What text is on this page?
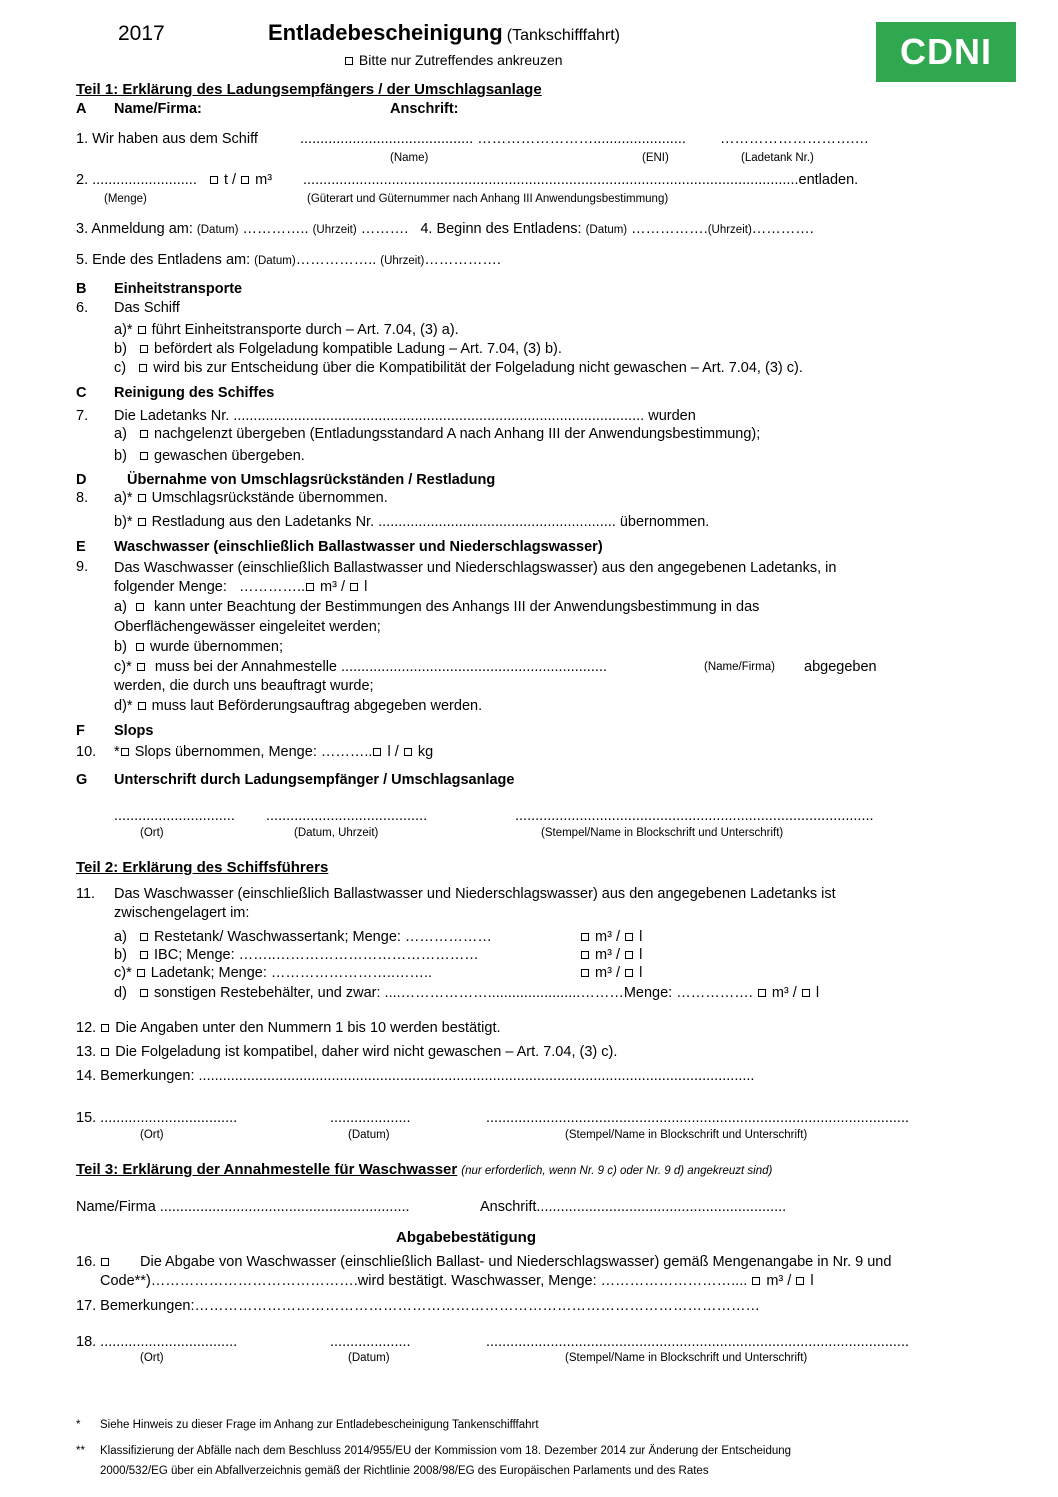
2017	Entladebescheinigung (Tankschifffahrt)
Bitte nur Zutreffendes ankreuzen	CDNI
Teil 1: Erklärung des Ladungsempfängers / der Umschlagsanlage
A Name/Firma:	Anschrift:
1. Wir haben aus dem Schiff	........................................... ……………………....................... ……………………….…
(Name)	(ENI)	(Ladetank Nr.)
2. .......................... t / m³ ...........................................................................................................................entladen.
(Menge)	(Güterart und Güternummer nach Anhang III Anwendungsbestimmung)
3. Anmeldung am: (Datum) ………….. (Uhrzeit) ………. 4. Beginn des Entladens: (Datum) …………….(Uhrzeit)………….
5. Ende des Entladens am: (Datum)…………….. (Uhrzeit)…………….
B Einheitstransporte
6. Das Schiff
a)* führt Einheitstransporte durch – Art. 7.04, (3) a).
b) befördert als Folgeladung kompatible Ladung – Art. 7.04, (3) b).
c) wird bis zur Entscheidung über die Kompatibilität der Folgeladung nicht gewaschen – Art. 7.04, (3) c).
C Reinigung des Schiffes
7. Die Ladetanks Nr. ...................................................................................................... wurden
a) nachgelenzt übergeben (Entladungsstandard A nach Anhang III der Anwendungsbestimmung);
b) gewaschen übergeben.
D	Übernahme von Umschlagsrückständen / Restladung
8. a)* Umschlagsrückstände übernommen.
b)* Restladung aus den Ladetanks Nr. ........................................................... übernommen.
E Waschwasser (einschließlich Ballastwasser und Niederschlagswasser)
9. Das Waschwasser (einschließlich Ballastwasser und Niederschlagswasser) aus den angegebenen Ladetanks, in
folgender Menge: ………….. m³ / l
a) kann unter Beachtung der Bestimmungen des Anhangs III der Anwendungsbestimmung in das
Oberflächengewässer eingeleitet werden;
b) wurde übernommen;
c)* muss bei der Annahmestelle ..................................................................	(Name/Firma) abgegeben
werden, die durch uns beauftragt wurde;
d)* muss laut Beförderungsauftrag abgegeben werden.
F Slops
10. * Slops übernommen, Menge: ……….. l / kg
G Unterschrift durch Ladungsempfänger / Umschlagsanlage
.............................. ........................................	.........................................................................................
(Ort)	(Datum, Uhrzeit)	(Stempel/Name in Blockschrift und Unterschrift)
Teil 2: Erklärung des Schiffsführers
11. Das Waschwasser (einschließlich Ballastwasser und Niederschlagswasser) aus den angegebenen Ladetanks ist
zwischengelagert im:
a) Restetank/ Waschwassertank; Menge: ………………	m³ / l
b) IBC; Menge: ……..……………………………………	m³ / l
c)* Ladetank; Menge: ……………………..……..	m³ / l
d) sonstigen Restebehälter, und zwar: ....……………….......................………Menge: ……………. m³ / l
12. Die Angaben unter den Nummern 1 bis 10 werden bestätigt.
13. Die Folgeladung ist kompatibel, daher wird nicht gewaschen – Art. 7.04, (3) c).
14. Bemerkungen: ..........................................................................................................................................
15. ..................................	....................	.........................................................................................................
(Ort)	(Datum)	(Stempel/Name in Blockschrift und Unterschrift)
Teil 3: Erklärung der Annahmestelle für Waschwasser (nur erforderlich, wenn Nr. 9 c) oder Nr. 9 d) angekreuzt sind)
Name/Firma ..............................................................	Anschrift..............................................................
Abgabebestätigung
16.	Die Abgabe von Waschwasser (einschließlich Ballast- und Niederschlagswasser) gemäß Mengenangabe in Nr. 9 und
Code**)…………………………………….wird bestätigt. Waschwasser, Menge: ……………………….... m³ / l
17. Bemerkungen:………………………………………………………………………………………………………
18. ..................................	....................	.........................................................................................................
(Ort)	(Datum)	(Stempel/Name in Blockschrift und Unterschrift)
* Siehe Hinweis zu dieser Frage im Anhang zur Entladebescheinigung Tankenschifffahrt
** Klassifizierung der Abfälle nach dem Beschluss 2014/955/EU der Kommission vom 18. Dezember 2014 zur Änderung der Entscheidung
2000/532/EG über ein Abfallverzeichnis gemäß der Richtlinie 2008/98/EG des Europäischen Parlaments und des Rates
